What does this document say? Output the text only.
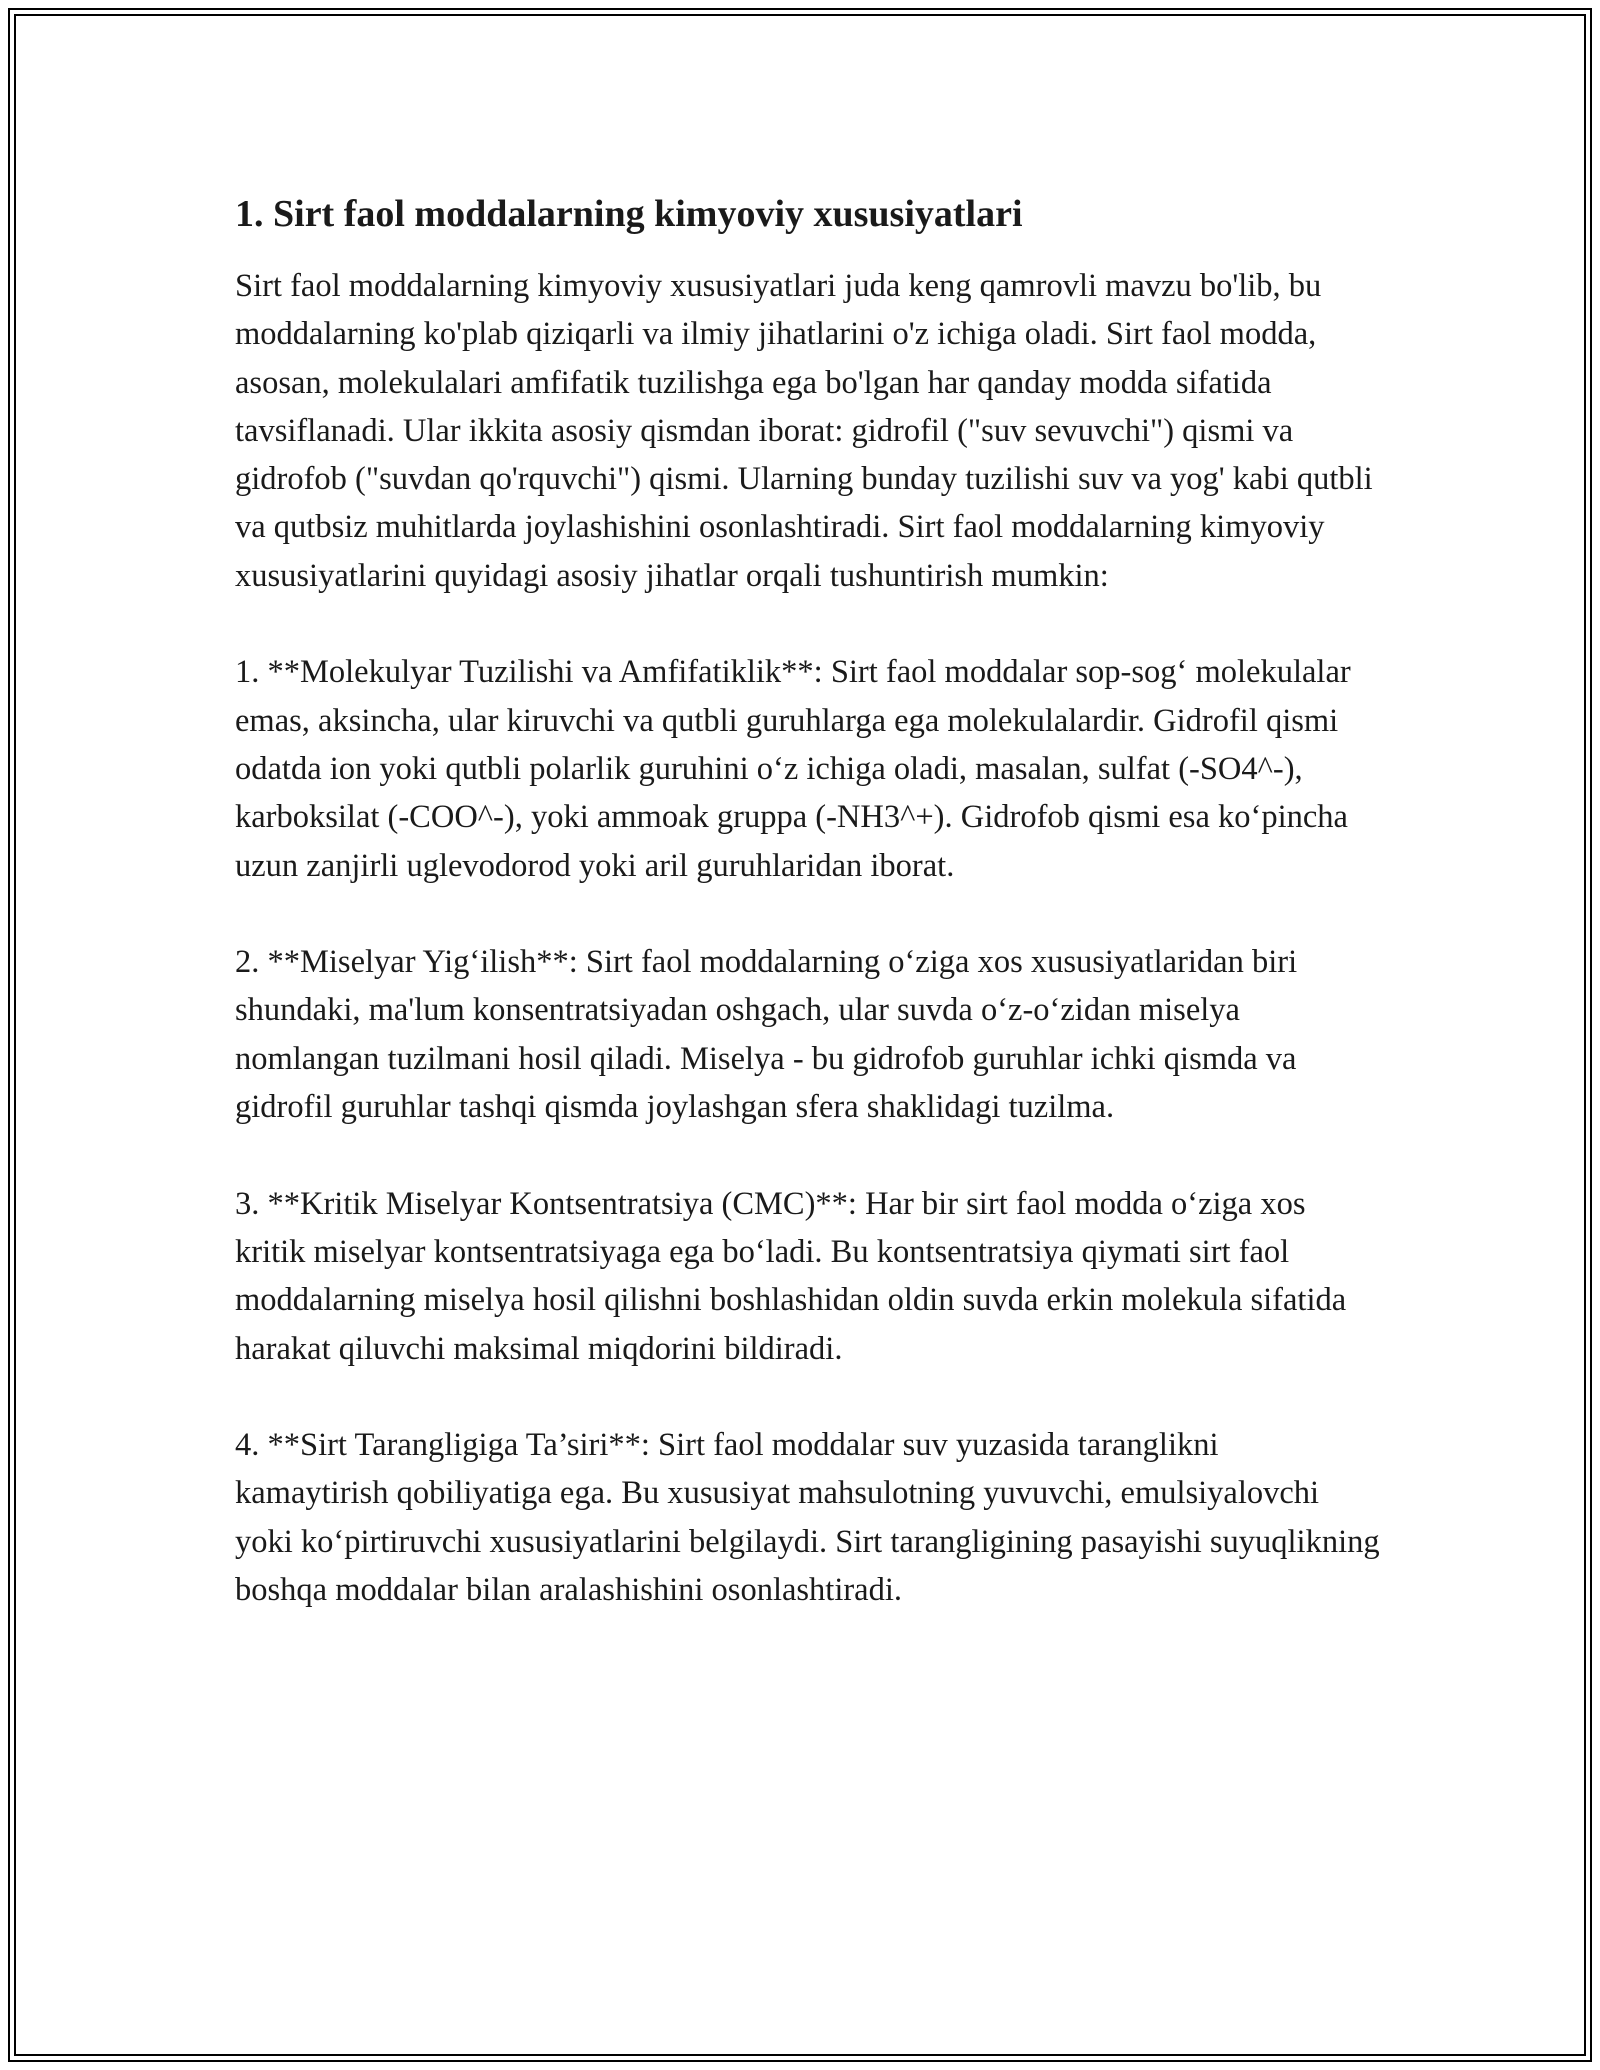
1. Sirt faol moddalarning kimyoviy xususiyatlari

Sirt faol moddalarning kimyoviy xususiyatlari juda keng qamrovli mavzu bo'lib, bu moddalarning ko'plab qiziqarli va ilmiy jihatlarini o'z ichiga oladi. Sirt faol modda, asosan, molekulalari amfifatik tuzilishga ega bo'lgan har qanday modda sifatida tavsiflanadi. Ular ikkita asosiy qismdan iborat: gidrofil ("suv sevuvchi") qismi va gidrofob ("suvdan qo'rquvchi") qismi. Ularning bunday tuzilishi suv va yog' kabi qutbli va qutbsiz muhitlarda joylashishini osonlashtiradi. Sirt faol moddalarning kimyoviy xususiyatlarini quyidagi asosiy jihatlar orqali tushuntirish mumkin:

1. **Molekulyar Tuzilishi va Amfifatiklik**: Sirt faol moddalar sop-sog‘ molekulalar emas, aksincha, ular kiruvchi va qutbli guruhlarga ega molekulalardir. Gidrofil qismi odatda ion yoki qutbli polarlik guruhini o‘z ichiga oladi, masalan, sulfat (-SO4^-), karboksilat (-COO^-), yoki ammoak gruppa (-NH3^+). Gidrofob qismi esa ko‘pincha uzun zanjirli uglevodorod yoki aril guruhlaridan iborat.

2. **Miselyar Yig‘ilish**: Sirt faol moddalarning o‘ziga xos xususiyatlaridan biri shundaki, ma'lum konsentratsiyadan oshgach, ular suvda o‘z-o‘zidan miselya nomlangan tuzilmani hosil qiladi. Miselya - bu gidrofob guruhlar ichki qismda va gidrofil guruhlar tashqi qismda joylashgan sfera shaklidagi tuzilma.

3. **Kritik Miselyar Kontsentratsiya (CMC)**: Har bir sirt faol modda o‘ziga xos kritik miselyar kontsentratsiyaga ega bo‘ladi. Bu kontsentratsiya qiymati sirt faol moddalarning miselya hosil qilishni boshlashidan oldin suvda erkin molekula sifatida harakat qiluvchi maksimal miqdorini bildiradi.

4. **Sirt Tarangligiga Ta’siri**: Sirt faol moddalar suv yuzasida taranglikni kamaytirish qobiliyatiga ega. Bu xususiyat mahsulotning yuvuvchi, emulsiyalovchi yoki ko‘pirtiruvchi xususiyatlarini belgilaydi. Sirt tarangligining pasayishi suyuqlikning boshqa moddalar bilan aralashishini osonlashtiradi.
